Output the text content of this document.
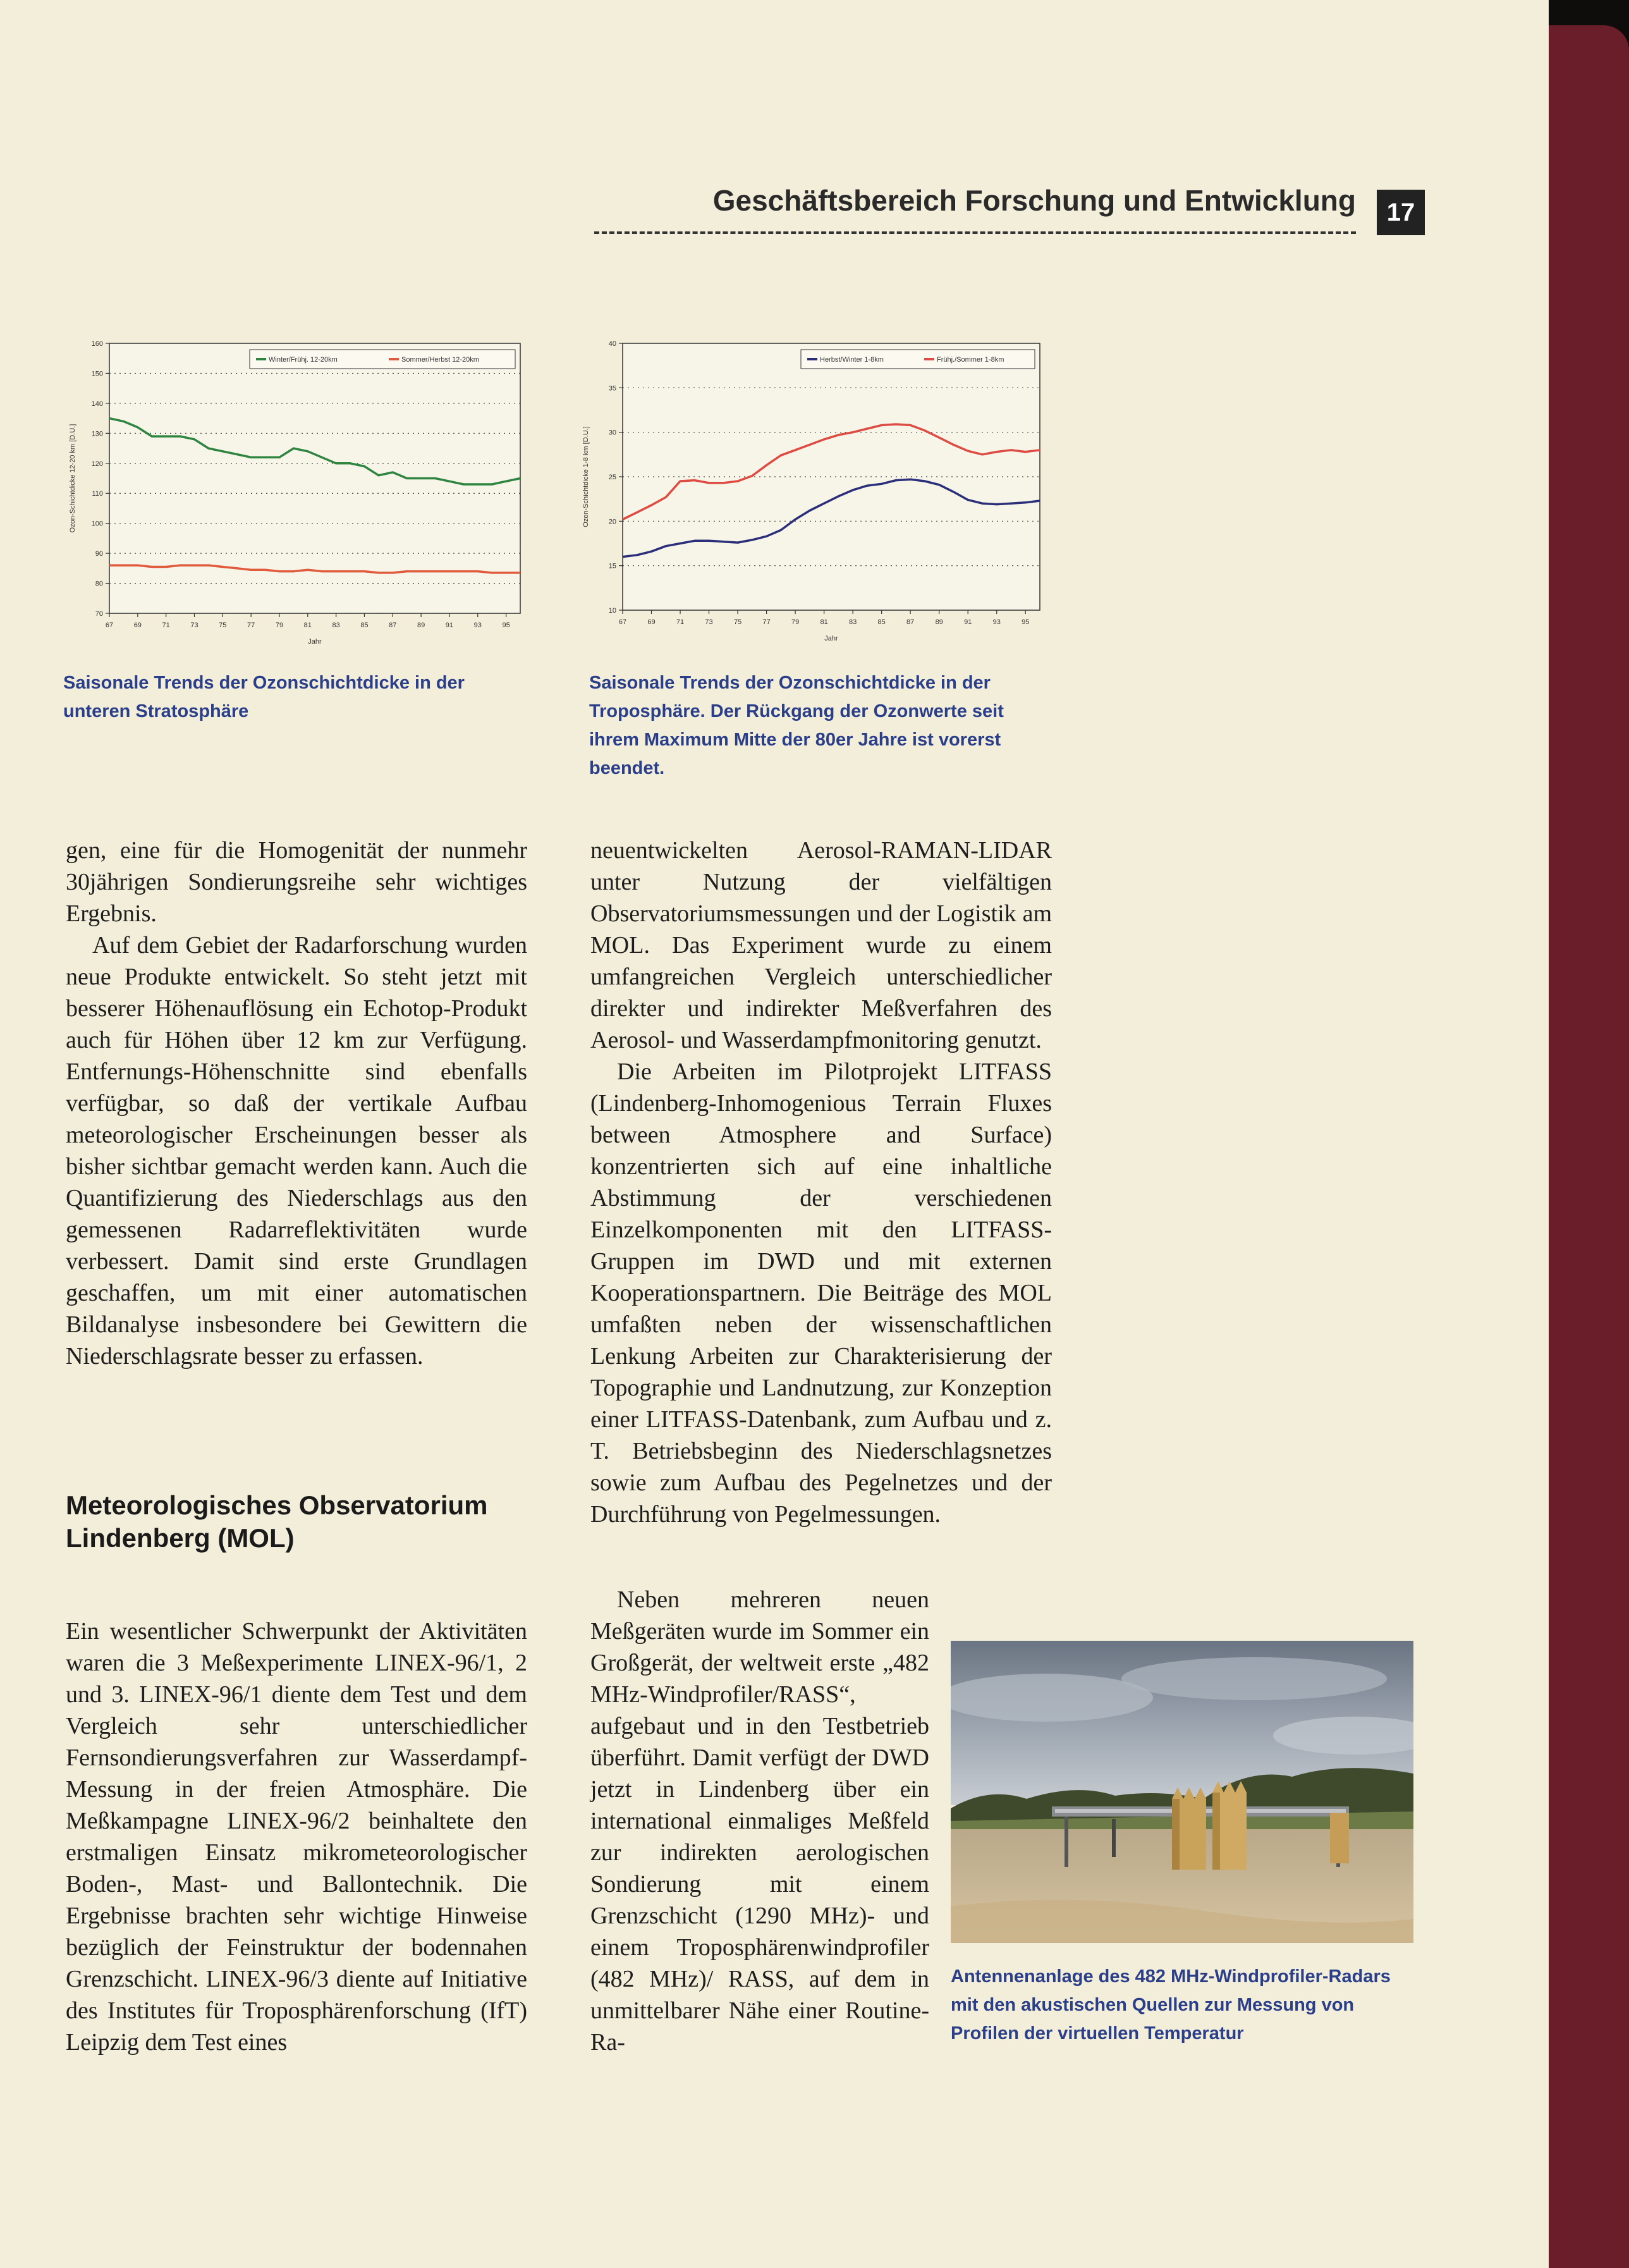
Geschäftsbereich Forschung und Entwicklung	17
160
150
140
130
120
110
100
90
80
70
67	69	71	73	75	77	79	81	83	85	87	89	91	93	95
Jahr
Ozon-Schichtdicke 12-20 km [D.U.]
Winter/Frühj. 12-20km	Sommer/Herbst 12-20km
Saisonale Trends der Ozonschichtdicke in der unteren Stratosphäre
40
35
30
25
20
15
10
67	69	71	73	75	77	79	81	83	85	87	89	91	93	95
Jahr
Ozon-Schichtdicke 1-8 km [D.U.]
Herbst/Winter 1-8km	Frühj./Sommer 1-8km
Saisonale Trends der Ozonschichtdicke in der Troposphäre. Der Rückgang der Ozonwerte seit ihrem Maximum Mitte der 80er Jahre ist vorerst beendet.

gen, eine für die Homogenität der nunmehr 30jährigen Sondierungsreihe sehr wichtiges Ergebnis.

Auf dem Gebiet der Radarforschung wurden neue Produkte entwickelt. So steht jetzt mit besserer Höhenauflösung ein Echotop-Produkt auch für Höhen über 12 km zur Verfügung. Entfernungs-Höhenschnitte sind ebenfalls verfügbar, so daß der vertikale Aufbau meteorologischer Erscheinungen besser als bisher sichtbar gemacht werden kann. Auch die Quantifizierung des Niederschlags aus den gemessenen Radarreflektivitäten wurde verbessert. Damit sind erste Grundlagen geschaffen, um mit einer automatischen Bildanalyse insbesondere bei Gewittern die Niederschlagsrate besser zu erfassen.

Meteorologisches Observatorium Lindenberg (MOL)

Ein wesentlicher Schwerpunkt der Aktivitäten waren die 3 Meßexperimente LINEX-96/1, 2 und 3. LINEX-96/1 diente dem Test und dem Vergleich sehr unterschiedlicher Fernsondierungsverfahren zur Wasserdampf-Messung in der freien Atmosphäre. Die Meßkampagne LINEX-96/2 beinhaltete den erstmaligen Einsatz mikrometeorologischer Boden-, Mast- und Ballontechnik. Die Ergebnisse brachten sehr wichtige Hinweise bezüglich der Feinstruktur der bodennahen Grenzschicht. LINEX-96/3 diente auf Initiative des Institutes für Troposphärenforschung (IfT) Leipzig dem Test eines

neuentwickelten Aerosol-RAMAN-LIDAR unter Nutzung der vielfältigen Observatoriumsmessungen und der Logistik am MOL. Das Experiment wurde zu einem umfangreichen Vergleich unterschiedlicher direkter und indirekter Meßverfahren des Aerosol- und Wasserdampfmonitoring genutzt.

Die Arbeiten im Pilotprojekt LITFASS (Lindenberg-Inhomogenious Terrain Fluxes between Atmosphere and Surface) konzentrierten sich auf eine inhaltliche Abstimmung der verschiedenen Einzelkomponenten mit den LITFASS-Gruppen im DWD und mit externen Kooperationspartnern. Die Beiträge des MOL umfaßten neben der wissenschaftlichen Lenkung Arbeiten zur Charakterisierung der Topographie und Landnutzung, zur Konzeption einer LITFASS-Datenbank, zum Aufbau und z. T. Betriebsbeginn des Niederschlagsnetzes sowie zum Aufbau des Pegelnetzes und der Durchführung von Pegelmessungen.

Neben mehreren neuen Meßgeräten wurde im Sommer ein Großgerät, der weltweit erste „482 MHz-Windprofiler/RASS“, aufgebaut und in den Testbetrieb überführt. Damit verfügt der DWD jetzt in Lindenberg über ein international einmaliges Meßfeld zur indirekten aerologischen Sondierung mit einem Grenzschicht (1290 MHz)- und einem Troposphärenwindprofiler (482 MHz)/ RASS, auf dem in unmittelbarer Nähe einer Routine-Ra-

Antennenanlage des 482 MHz-Windprofiler-Radars mit den akustischen Quellen zur Messung von Profilen der virtuellen Temperatur
